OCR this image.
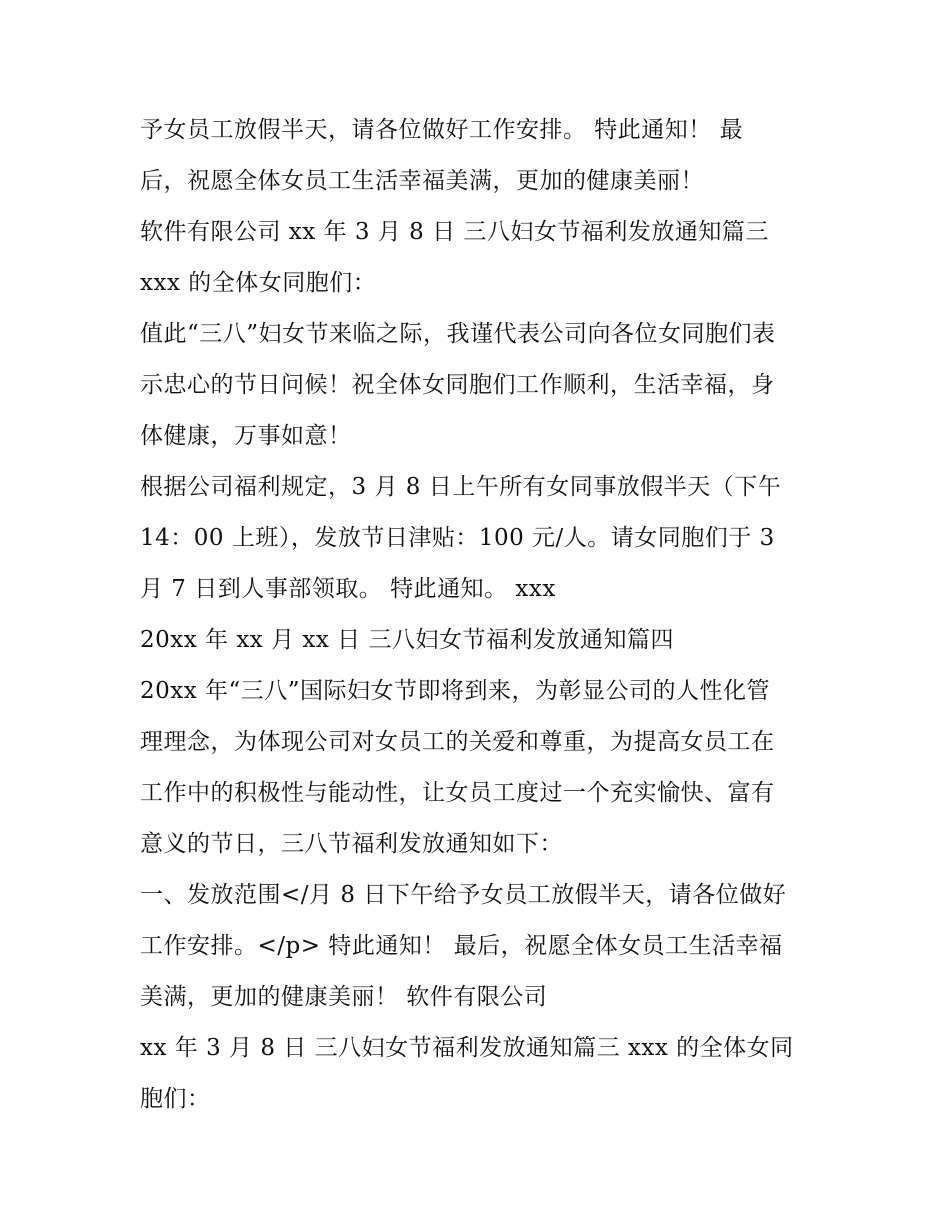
予女员工放假半天，请各位做好工作安排。 特此通知！ 最
后，祝愿全体女员工生活幸福美满，更加的健康美丽！
软件有限公司 xx 年 3 月 8 日 三八妇女节福利发放通知篇三
xxx 的全体女同胞们：
值此“三八”妇女节来临之际，我谨代表公司向各位女同胞们表
示忠心的节日问候！祝全体女同胞们工作顺利，生活幸福，身
体健康，万事如意！
根据公司福利规定，3 月 8 日上午所有女同事放假半天（下午
14：00 上班），发放节日津贴：100 元/人。请女同胞们于 3
月 7 日到人事部领取。 特此通知。 xxx
20xx 年 xx 月 xx 日 三八妇女节福利发放通知篇四
20xx 年“三八”国际妇女节即将到来，为彰显公司的人性化管
理理念，为体现公司对女员工的关爱和尊重，为提高女员工在
工作中的积极性与能动性，让女员工度过一个充实愉快、富有
意义的节日，三八节福利发放通知如下：
一、发放范围</月 8 日下午给予女员工放假半天，请各位做好
工作安排。</p> 特此通知！ 最后，祝愿全体女员工生活幸福
美满，更加的健康美丽！ 软件有限公司
xx 年 3 月 8 日 三八妇女节福利发放通知篇三 xxx 的全体女同
胞们：
